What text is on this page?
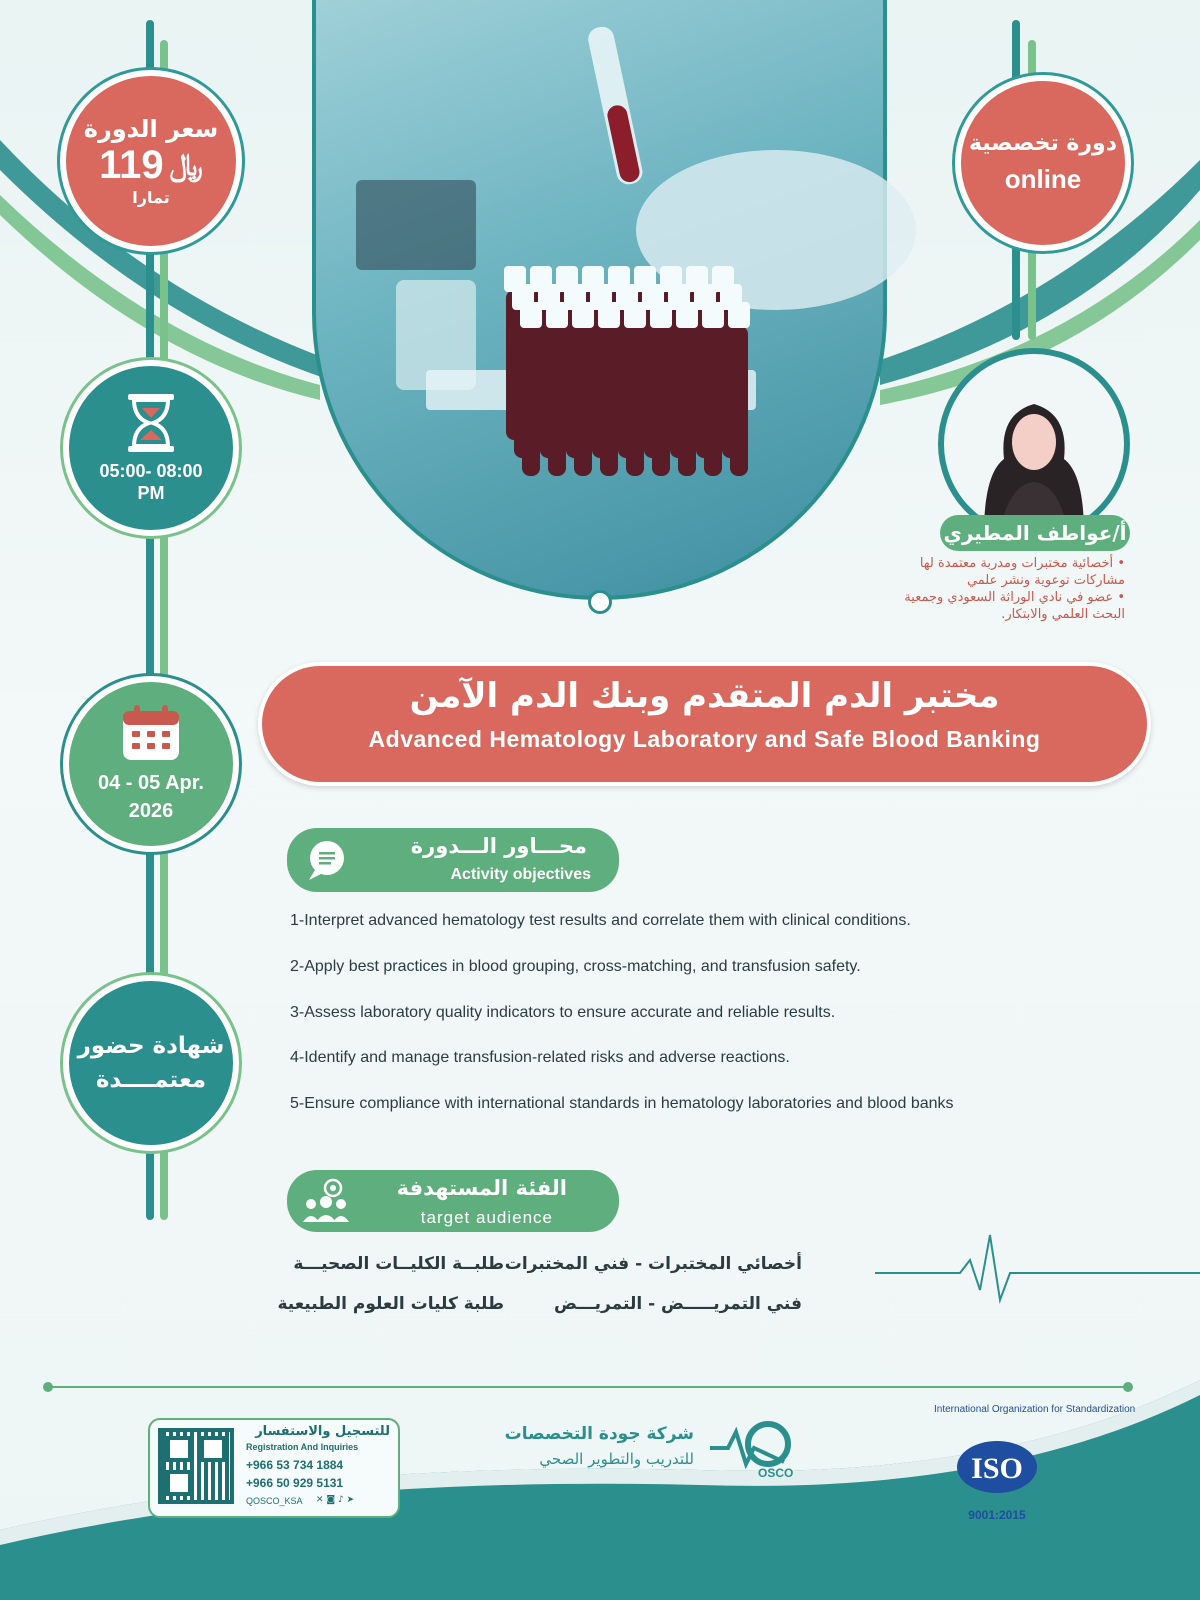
سعر الدورة
119 ﷼
تمارا
دورة تخصصية
online
05:00- 08:00 PM
أ/عواطف المطيري
• أخصائية مختبرات ومدربة معتمدة لها مشاركات توعوية ونشر علمي
• عضو في نادي الوراثة السعودي وجمعية البحث العلمي والابتكار.
مختبر الدم المتقدم وبنك الدم الآمن
Advanced Hematology Laboratory and Safe Blood Banking
04 - 05 Apr. 2026
شهادة حضور
معتمــــدة
محـــاور الـــدورة
Activity objectives
1-Interpret advanced hematology test results and correlate them with clinical conditions.
2-Apply best practices in blood grouping, cross-matching, and transfusion safety.
3-Assess laboratory quality indicators to ensure accurate and reliable results.
4-Identify and manage transfusion-related risks and adverse reactions.
5-Ensure compliance with international standards in hematology laboratories and blood banks
الفئة المستهدفة
target audience
أخصائي المختبرات - فني المختبرات
طلبــة الكليــات الصحيـــة
فني التمريـــــض - التمريـــض
طلبة كليات العلوم الطبيعية
للتسجيل والاستفسار
Registration And Inquiries
+966 53 734 1884
+966 50 929 5131
QOSCO_KSA ✕ ◙ ♪ ➤
شركة جودة التخصصات
للتدريب والتطوير الصحي
OSCO
International Organization for Standardization
ISO
9001:2015
